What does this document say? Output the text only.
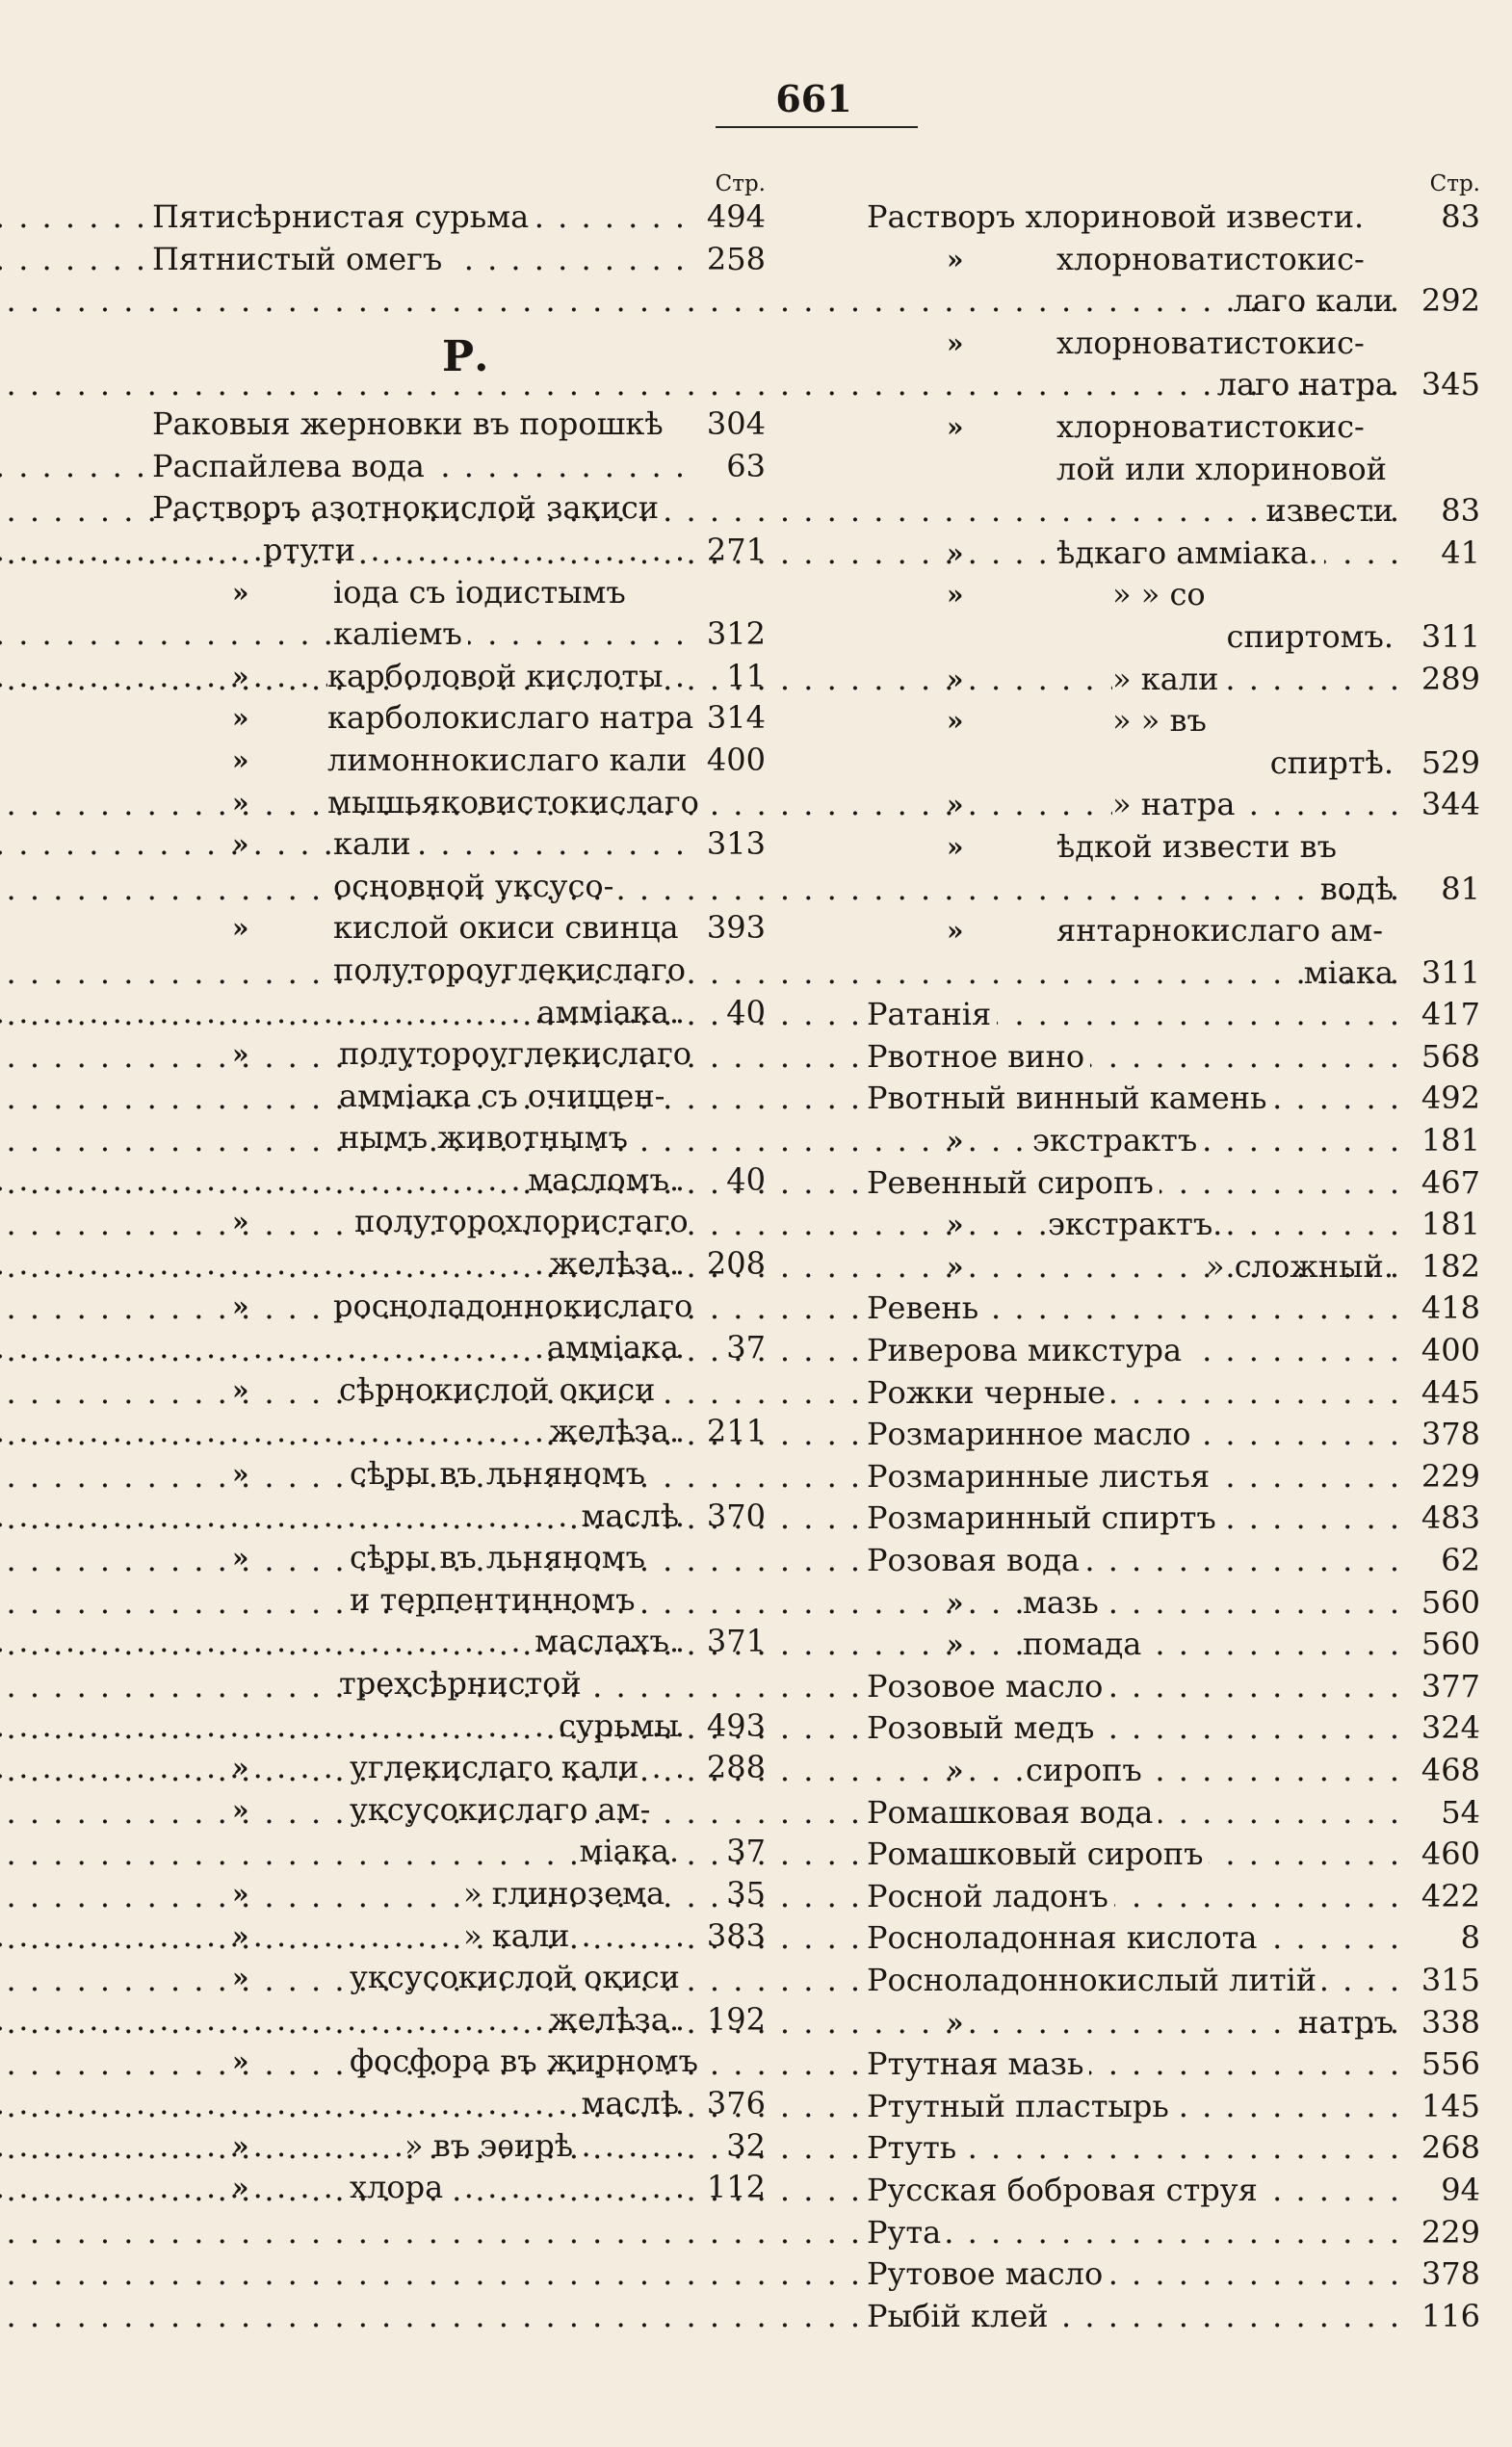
661
Стр.
. . .
Пятисѣрнистая сурьма	494
. . .
Пятнистый омегъ	258
Р.
Раковыя жерновки въ порошкѣ	304
. . .
Распайлева вода	63
Растворъ азотнокислой закиси
. . .
ртути	271
»	іода съ іодистымъ
. . .
каліемъ	312
» . . .	карболовой кислоты	11
»	карболокислаго натра 314
»	лимоннокислаго кали 400
»	мышьяковистокислаго
» . . .	кали	313
основной уксусо-
»	кислой окиси свинца 393
полутороуглекислаго
. . .
амміака.	40
»	полутороуглекислаго
амміака съ очищен-
нымъ животнымъ
. . .
масломъ.	40
»	полуторохлористаго
. . .
желѣза. 208
»	росноладоннокислаго
. . .
амміака	37
»	сѣрнокислой окиси
. . .
желѣза. 211
»	сѣры въ льняномъ
. . .
маслѣ 370
»	сѣры въ льняномъ
и терпентинномъ
. . .
маслахъ. 371
трехсѣрнистой
. . .
сурьмы 493
» . . .	углекислаго кали	288
»	уксусокислаго ам-
міака.	37
»	» глинозема	35
» . . .	» кали	383
»	уксусокислой окиси
. . .
желѣза. 192
»	фосфора въ жирномъ
. . .
маслѣ 376
» . . .	» въ эѳирѣ	32
» . . .	хлора	112
Стр.
Растворъ хлориновой извести.	83
»	хлорноватистокис-
. . .
лаго кали 292
»	хлорноватистокис-
. . .
лаго натра 345
»	хлорноватистокис-
лой или хлориновой
. . .
извести	83
» . . .	ѣдкаго амміака.	41
»	» » со
спиртомъ. 311
» . . .	» кали	289
»	» » въ
спиртѣ. 529
» . . .	» натра	344
»	ѣдкой извести въ
. . .
водѣ	81
»	янтарнокислаго ам-
. . .
міака 311
. . .
Ратанія	417
. . .
Рвотное вино	568
. . .
Рвотный винный камень	492
» . . . экстрактъ	181
. . .
Ревенный сиропъ	467
» . . .	экстрактъ.	181
» . . .	» сложный. 182
. . .
Ревень	418
. . .
Риверова микстура	400
. . .
Рожки черные	445
. . .
Розмаринное масло	378
. . .
Розмаринные листья	229
. . .
Розмаринный спиртъ	483
. . .
Розовая вода	62
» . . . мазь	560
» . . . помада	560
. . .
Розовое масло	377
. . .
Розовый медъ	324
» . . . сиропъ	468
. . .
Ромашковая вода	54
. . .
Ромашковый сиропъ	460
. . .
Росной ладонъ	422
. . .
Росноладонная кислота	8
. . .
Росноладоннокислый литій	315
» . . .	натръ 338
. . .
Ртутная мазь	556
. . .
Ртутный пластырь	145
. . .
Ртуть	268
. . .
Русская бобровая струя	94
. . .
Рута	229
. . .
Рутовое масло	378
. . .
Рыбій клей	116
